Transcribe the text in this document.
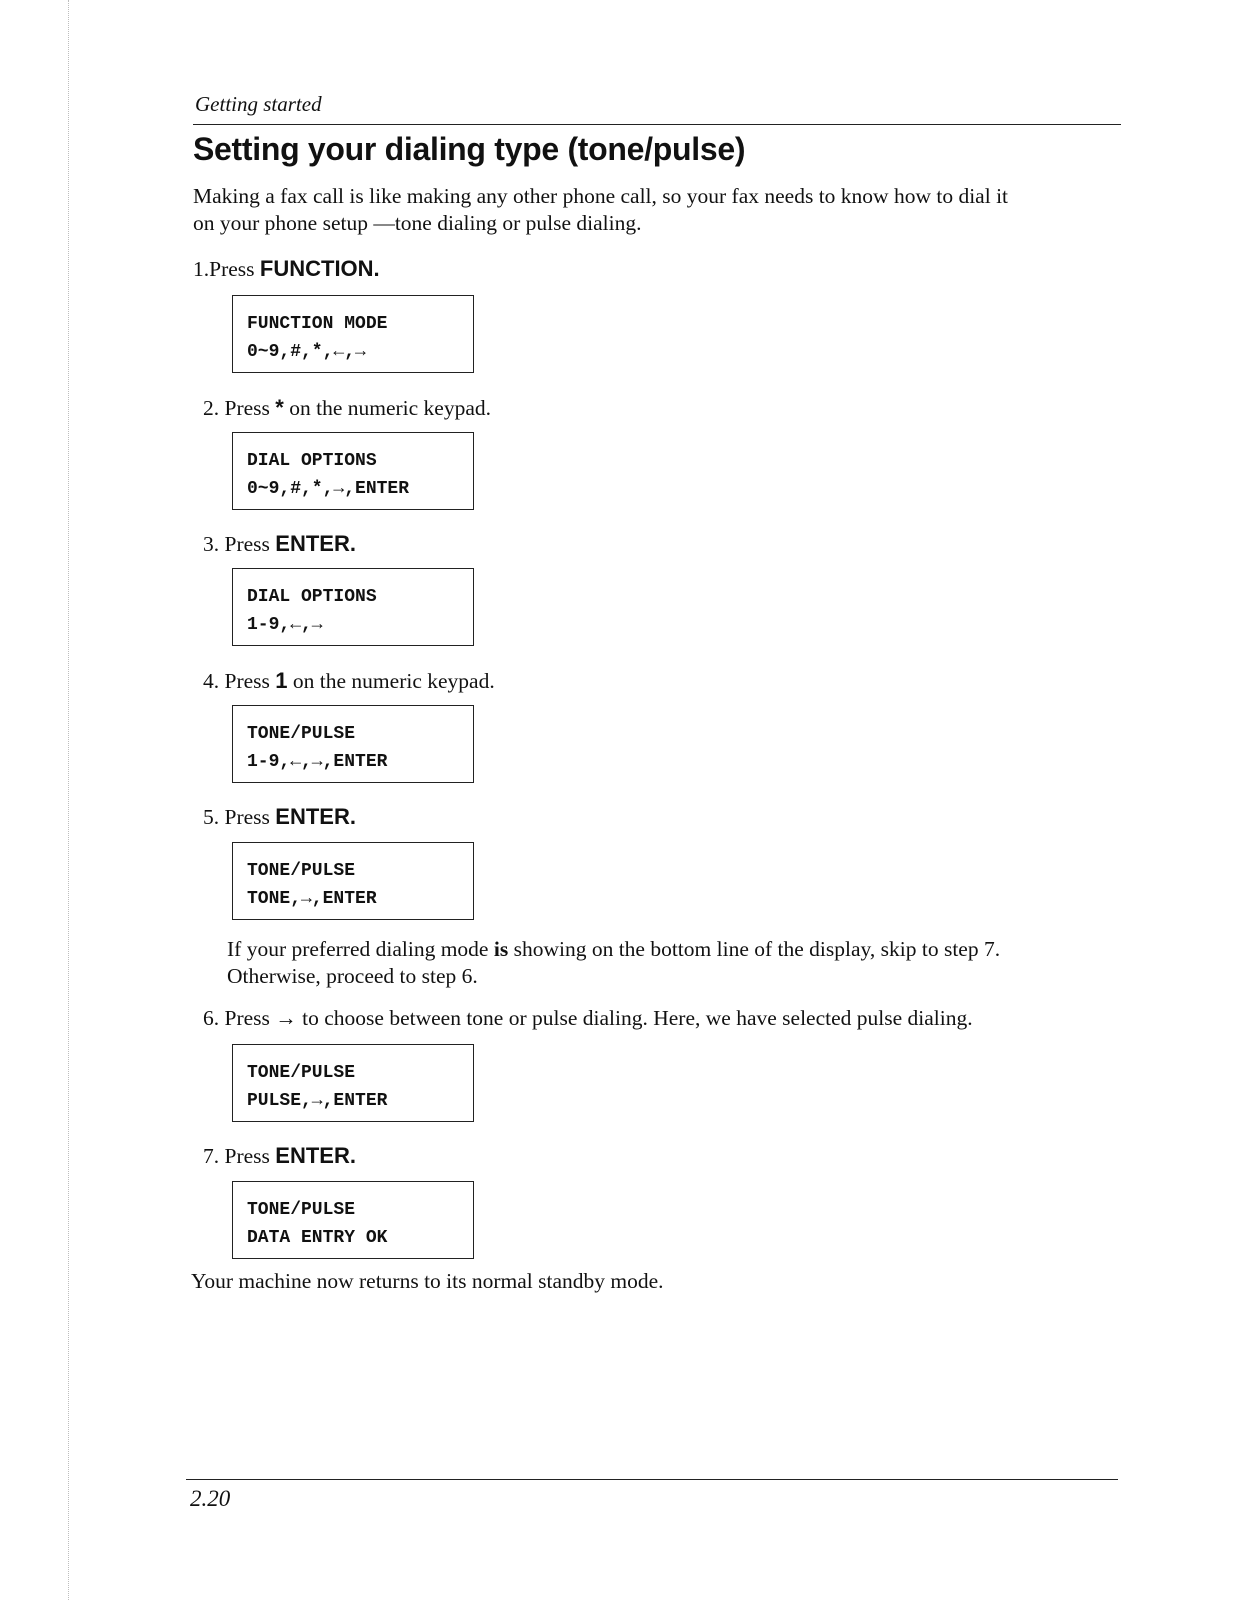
Getting started
Setting your dialing type (tone/pulse)

Making a fax call is like making any other phone call, so your fax needs to know how to dial it

on your phone setup —tone dialing or pulse dialing.

1.Press FUNCTION.

FUNCTION MODE
0~9,#,*,←,→

2. Press * on the numeric keypad.

DIAL OPTIONS
0~9,#,*,→,ENTER

3. Press ENTER.

DIAL OPTIONS
1-9,←,→

4. Press 1 on the numeric keypad.

TONE/PULSE
1-9,←,→,ENTER

5. Press ENTER.

TONE/PULSE
TONE,→,ENTER

If your preferred dialing mode is showing on the bottom line of the display, skip to step 7.

Otherwise, proceed to step 6.

6. Press → to choose between tone or pulse dialing. Here, we have selected pulse dialing.

TONE/PULSE
PULSE,→,ENTER

7. Press ENTER.

TONE/PULSE
DATA ENTRY OK

Your machine now returns to its normal standby mode.

2.20
